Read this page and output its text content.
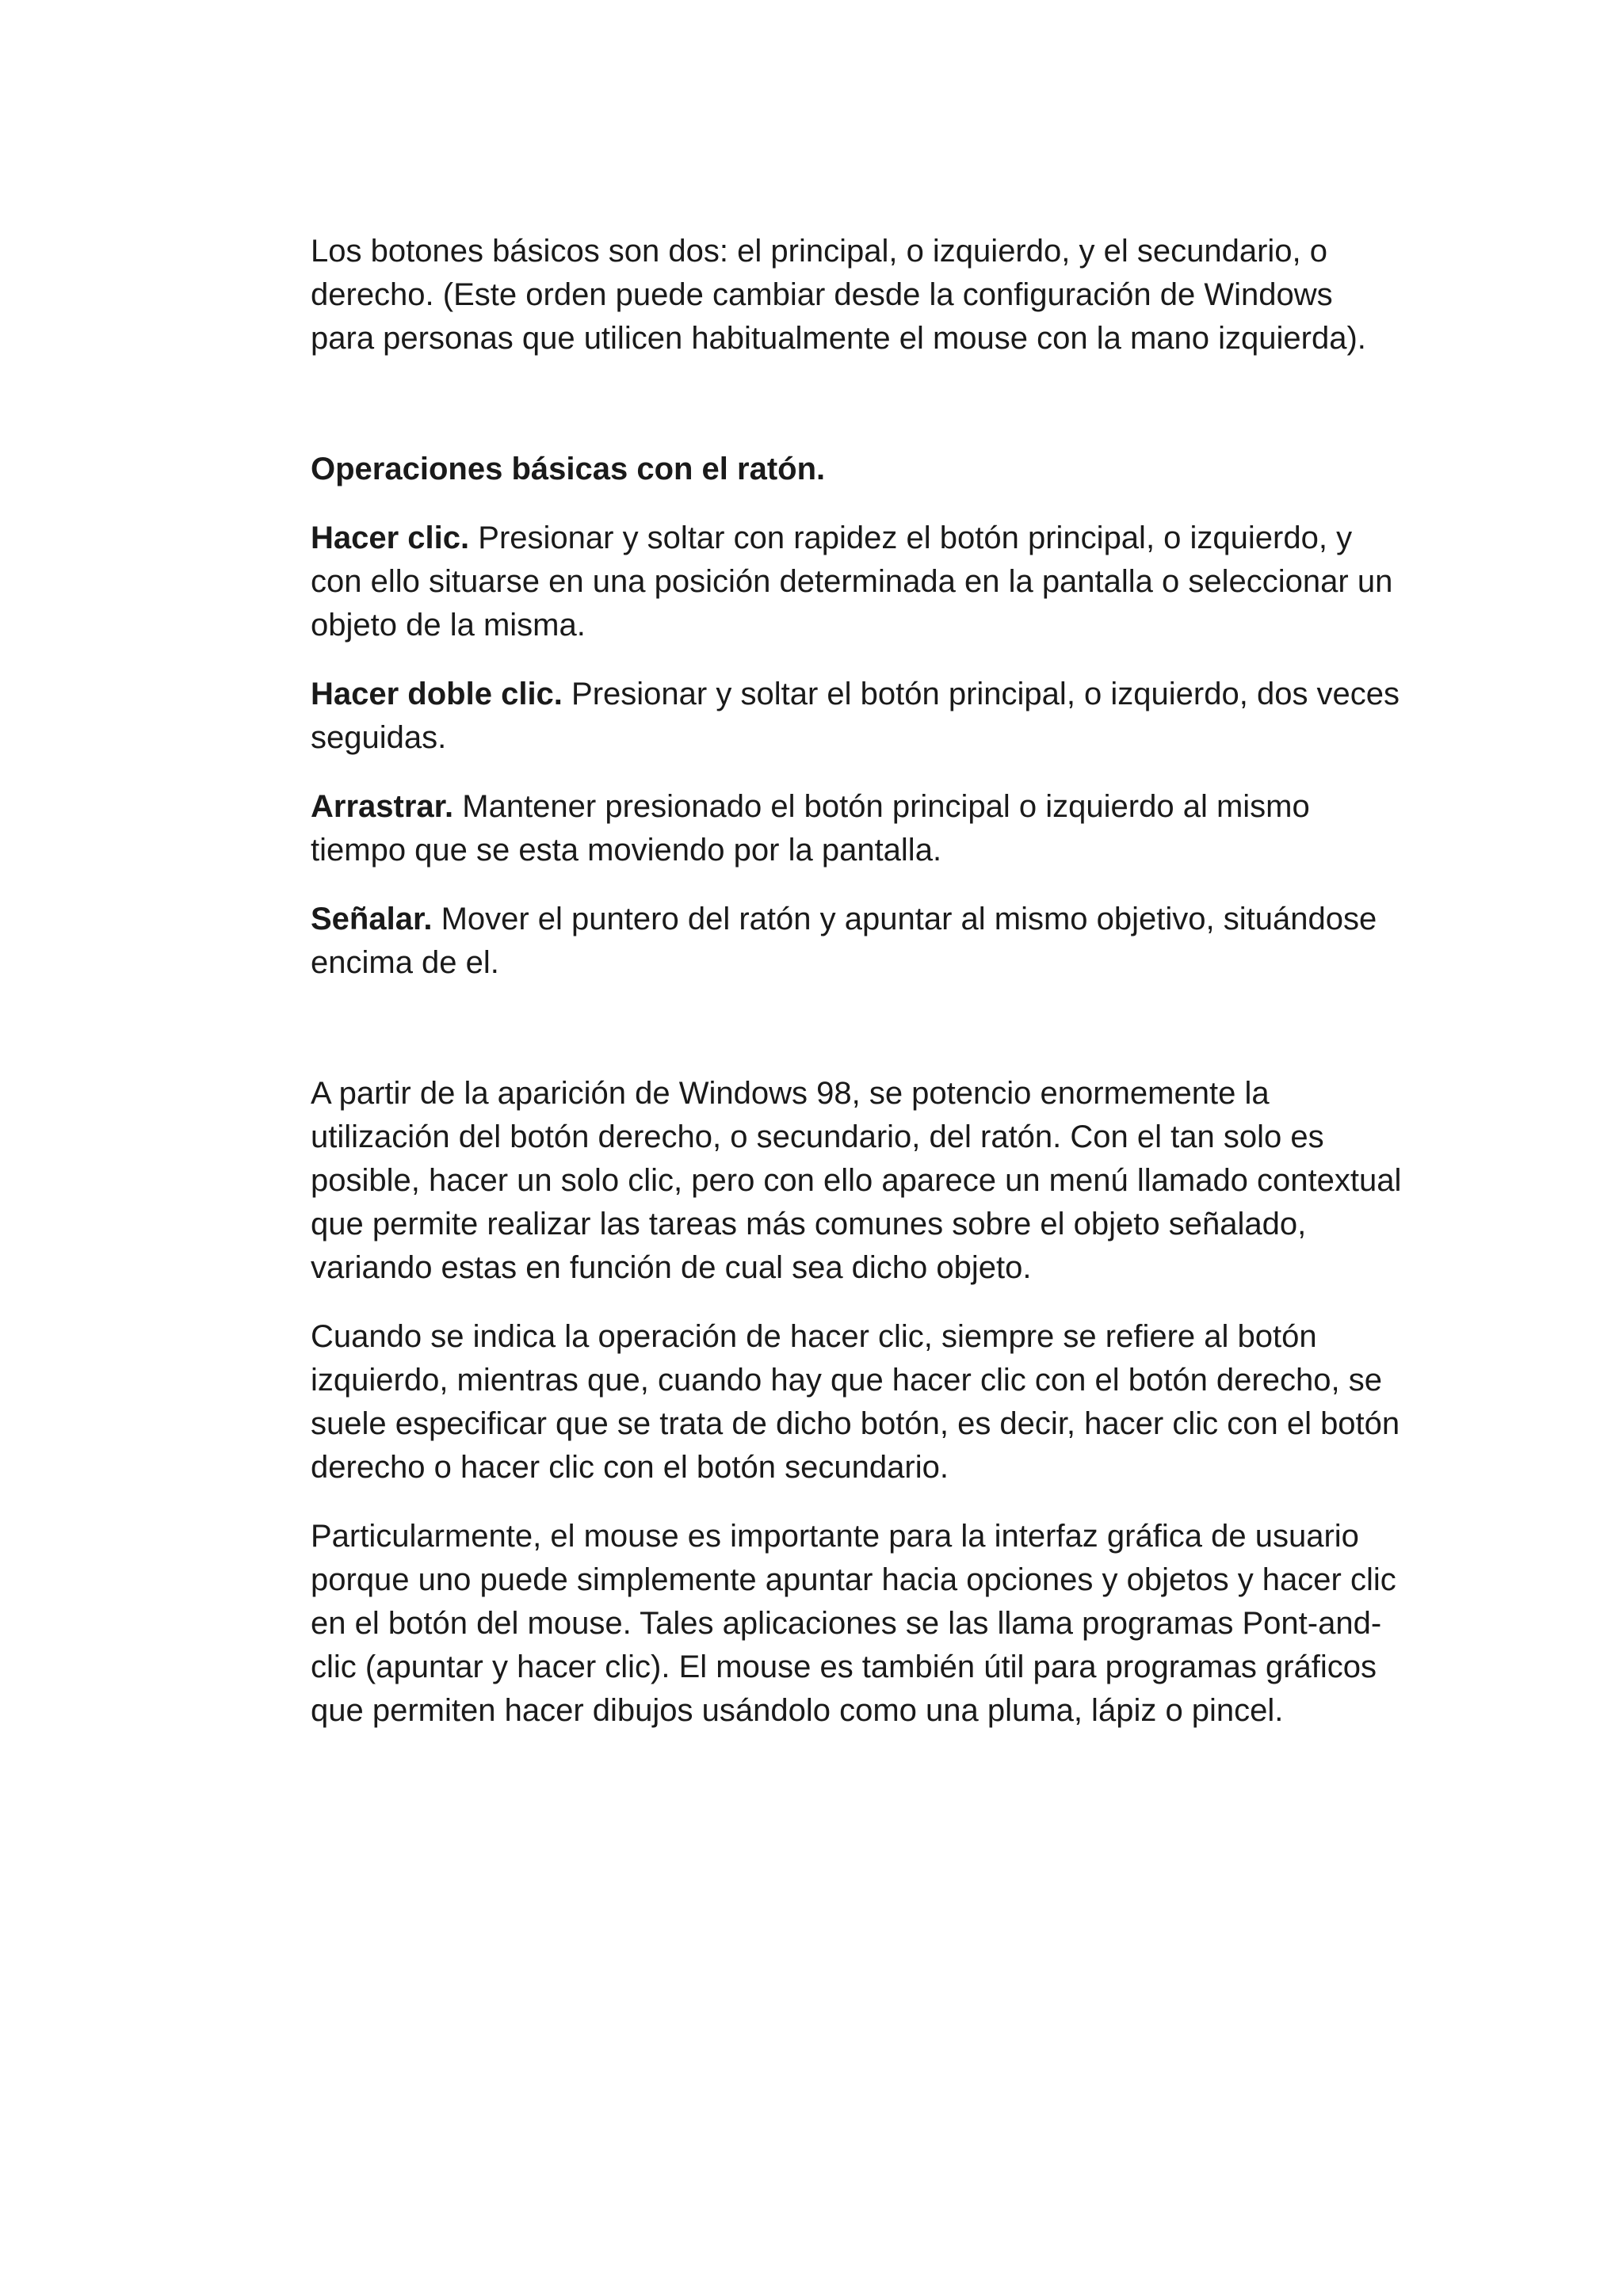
Los botones básicos son dos: el principal, o izquierdo, y el secundario, o derecho. (Este orden puede cambiar desde la configuración de Windows para personas que utilicen habitualmente el mouse con la mano izquierda).

Operaciones básicas con el ratón.

Hacer clic. Presionar y soltar con rapidez el botón principal, o izquierdo, y con ello situarse en una posición determinada en la pantalla o seleccionar un objeto de la misma.

Hacer doble clic. Presionar y soltar el botón principal, o izquierdo, dos veces seguidas.

Arrastrar. Mantener presionado el botón principal o izquierdo al mismo tiempo que se esta moviendo por la pantalla.

Señalar. Mover el puntero del ratón y apuntar al mismo objetivo, situándose encima de el.

A partir de la aparición de Windows 98, se potencio enormemente la utilización del botón derecho, o secundario, del ratón. Con el tan solo es posible, hacer un solo clic, pero con ello aparece un menú llamado contextual que permite realizar las tareas más comunes sobre el objeto señalado, variando estas en función de cual sea dicho objeto.

Cuando se indica la operación de hacer clic, siempre se refiere al botón izquierdo, mientras que, cuando hay que hacer clic con el botón derecho, se suele especificar que se trata de dicho botón, es decir, hacer clic con el botón derecho o hacer clic con el botón secundario.

Particularmente, el mouse es importante para la interfaz gráfica de usuario porque uno puede simplemente apuntar hacia opciones y objetos y hacer clic en el botón del mouse. Tales aplicaciones se las llama programas Pont-and-clic (apuntar y hacer clic). El mouse es también útil para programas gráficos que permiten hacer dibujos usándolo como una pluma, lápiz o pincel.
